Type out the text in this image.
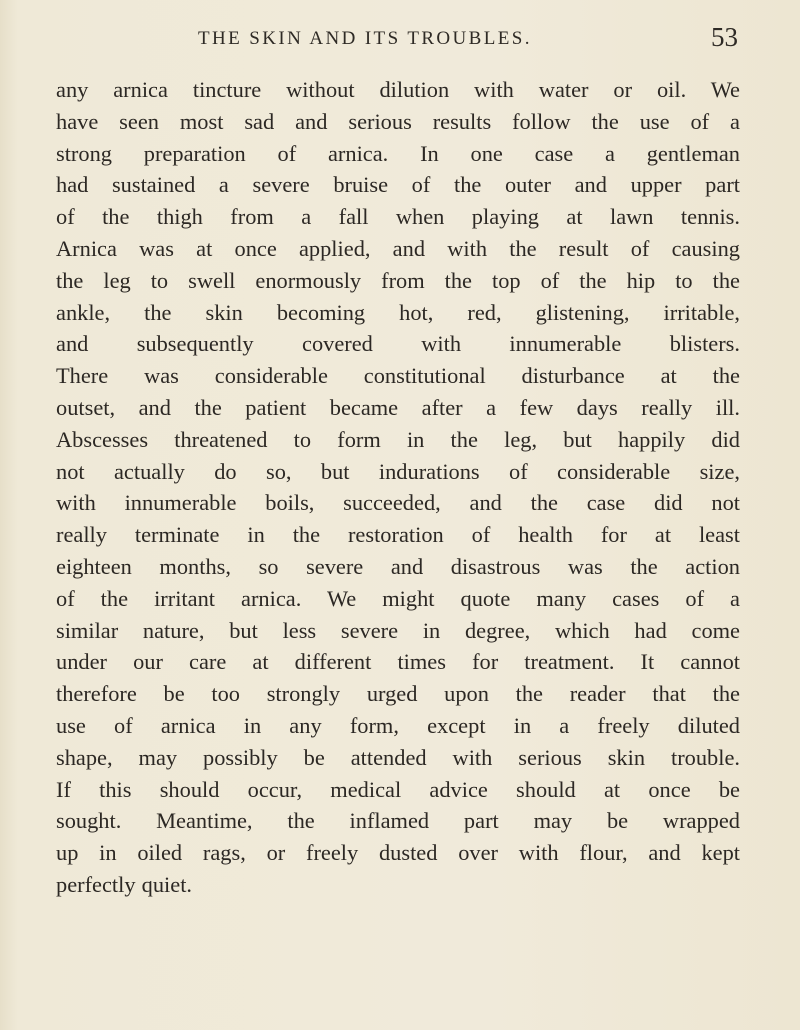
THE SKIN AND ITS TROUBLES.	53

any arnica tincture without dilution with water or oil. We
have seen most sad and serious results follow the use of a
strong preparation of arnica. In one case a gentleman
had sustained a severe bruise of the outer and upper part
of the thigh from a fall when playing at lawn tennis.
Arnica was at once applied, and with the result of causing
the leg to swell enormously from the top of the hip to the
ankle, the skin becoming hot, red, glistening, irritable,
and subsequently covered with innumerable blisters.
There was considerable constitutional disturbance at the
outset, and the patient became after a few days really ill.
Abscesses threatened to form in the leg, but happily did
not actually do so, but indurations of considerable size,
with innumerable boils, succeeded, and the case did not
really terminate in the restoration of health for at least
eighteen months, so severe and disastrous was the action
of the irritant arnica. We might quote many cases of a
similar nature, but less severe in degree, which had come
under our care at different times for treatment. It cannot
therefore be too strongly urged upon the reader that the
use of arnica in any form, except in a freely diluted
shape, may possibly be attended with serious skin trouble.
If this should occur, medical advice should at once be
sought. Meantime, the inflamed part may be wrapped
up in oiled rags, or freely dusted over with flour, and kept
perfectly quiet.
